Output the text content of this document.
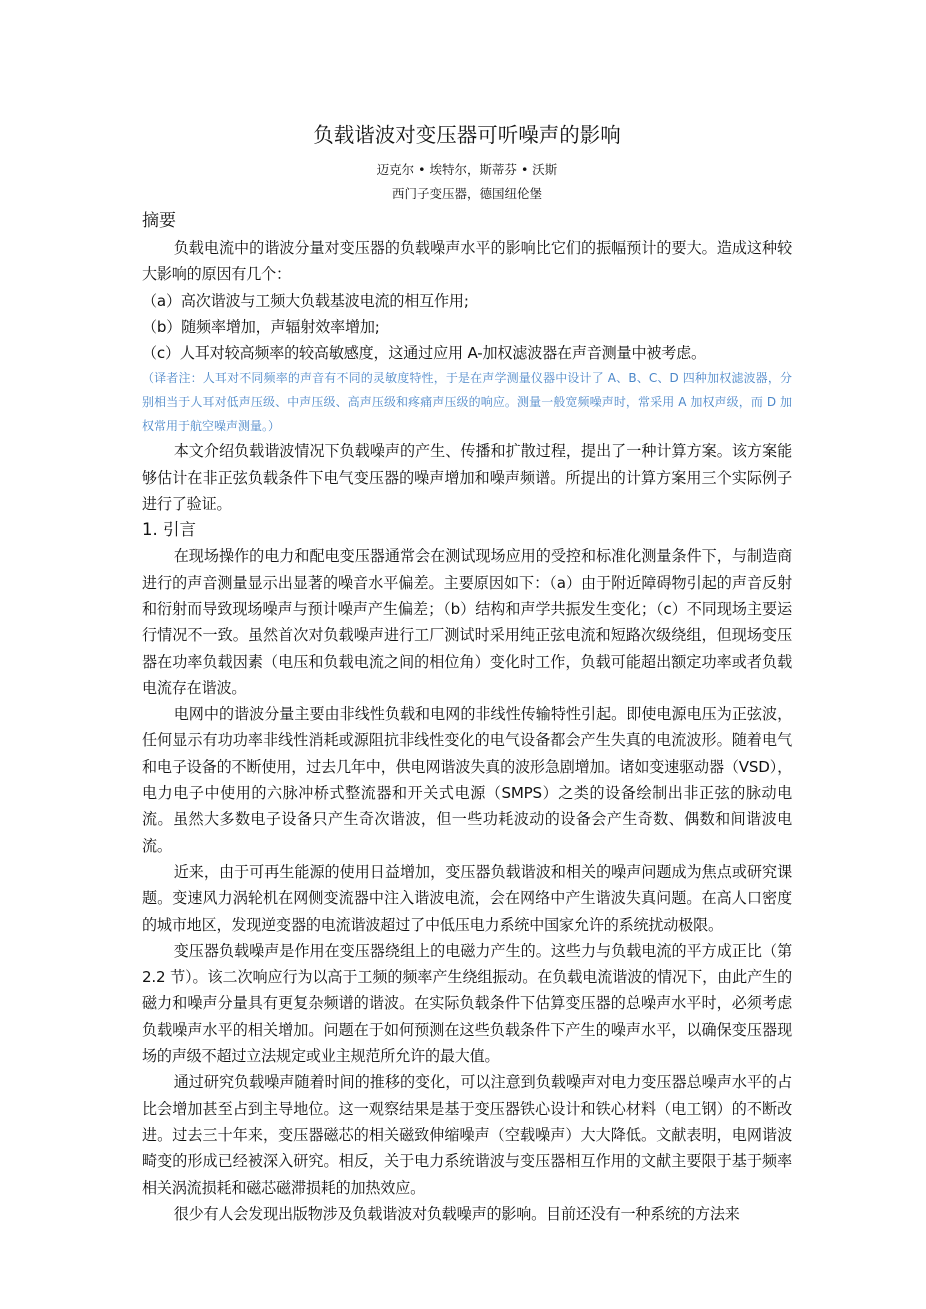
负载谐波对变压器可听噪声的影响
迈克尔 • 埃特尔，斯蒂芬 • 沃斯
西门子变压器，德国纽伦堡
摘要

负载电流中的谐波分量对变压器的负载噪声水平的影响比它们的振幅预计的要大。造成这种较大影响的原因有几个：

（a）高次谐波与工频大负载基波电流的相互作用;

（b）随频率增加，声辐射效率增加;

（c）人耳对较高频率的较高敏感度，这通过应用 A-加权滤波器在声音测量中被考虑。

（译者注：人耳对不同频率的声音有不同的灵敏度特性，于是在声学测量仪器中设计了 A、B、C、D 四种加权滤波器，分别相当于人耳对低声压级、中声压级、高声压级和疼痛声压级的响应。测量一般宽频噪声时，常采用 A 加权声级，而 D 加权常用于航空噪声测量。）

本文介绍负载谐波情况下负载噪声的产生、传播和扩散过程，提出了一种计算方案。该方案能够估计在非正弦负载条件下电气变压器的噪声增加和噪声频谱。所提出的计算方案用三个实际例子进行了验证。

1. 引言

在现场操作的电力和配电变压器通常会在测试现场应用的受控和标准化测量条件下，与制造商进行的声音测量显示出显著的噪音水平偏差。主要原因如下：（a）由于附近障碍物引起的声音反射和衍射而导致现场噪声与预计噪声产生偏差；（b）结构和声学共振发生变化；（c）不同现场主要运行情况不一致。虽然首次对负载噪声进行工厂测试时采用纯正弦电流和短路次级绕组，但现场变压器在功率负载因素（电压和负载电流之间的相位角）变化时工作，负载可能超出额定功率或者负载电流存在谐波。

电网中的谐波分量主要由非线性负载和电网的非线性传输特性引起。即使电源电压为正弦波，任何显示有功功率非线性消耗或源阻抗非线性变化的电气设备都会产生失真的电流波形。随着电气和电子设备的不断使用，过去几年中，供电网谐波失真的波形急剧增加。诸如变速驱动器（VSD），电力电子中使用的六脉冲桥式整流器和开关式电源（SMPS）之类的设备绘制出非正弦的脉动电流。虽然大多数电子设备只产生奇次谐波，但一些功耗波动的设备会产生奇数、偶数和间谐波电流。

近来，由于可再生能源的使用日益增加，变压器负载谐波和相关的噪声问题成为焦点或研究课题。变速风力涡轮机在网侧变流器中注入谐波电流，会在网络中产生谐波失真问题。在高人口密度的城市地区，发现逆变器的电流谐波超过了中低压电力系统中国家允许的系统扰动极限。

变压器负载噪声是作用在变压器绕组上的电磁力产生的。这些力与负载电流的平方成正比（第 2.2 节）。该二次响应行为以高于工频的频率产生绕组振动。在负载电流谐波的情况下，由此产生的磁力和噪声分量具有更复杂频谱的谐波。在实际负载条件下估算变压器的总噪声水平时，必须考虑负载噪声水平的相关增加。问题在于如何预测在这些负载条件下产生的噪声水平，以确保变压器现场的声级不超过立法规定或业主规范所允许的最大值。

通过研究负载噪声随着时间的推移的变化，可以注意到负载噪声对电力变压器总噪声水平的占比会增加甚至占到主导地位。这一观察结果是基于变压器铁心设计和铁心材料（电工钢）的不断改进。过去三十年来，变压器磁芯的相关磁致伸缩噪声（空载噪声）大大降低。文献表明，电网谐波畸变的形成已经被深入研究。相反，关于电力系统谐波与变压器相互作用的文献主要限于基于频率相关涡流损耗和磁芯磁滞损耗的加热效应。

很少有人会发现出版物涉及负载谐波对负载噪声的影响。目前还没有一种系统的方法来
